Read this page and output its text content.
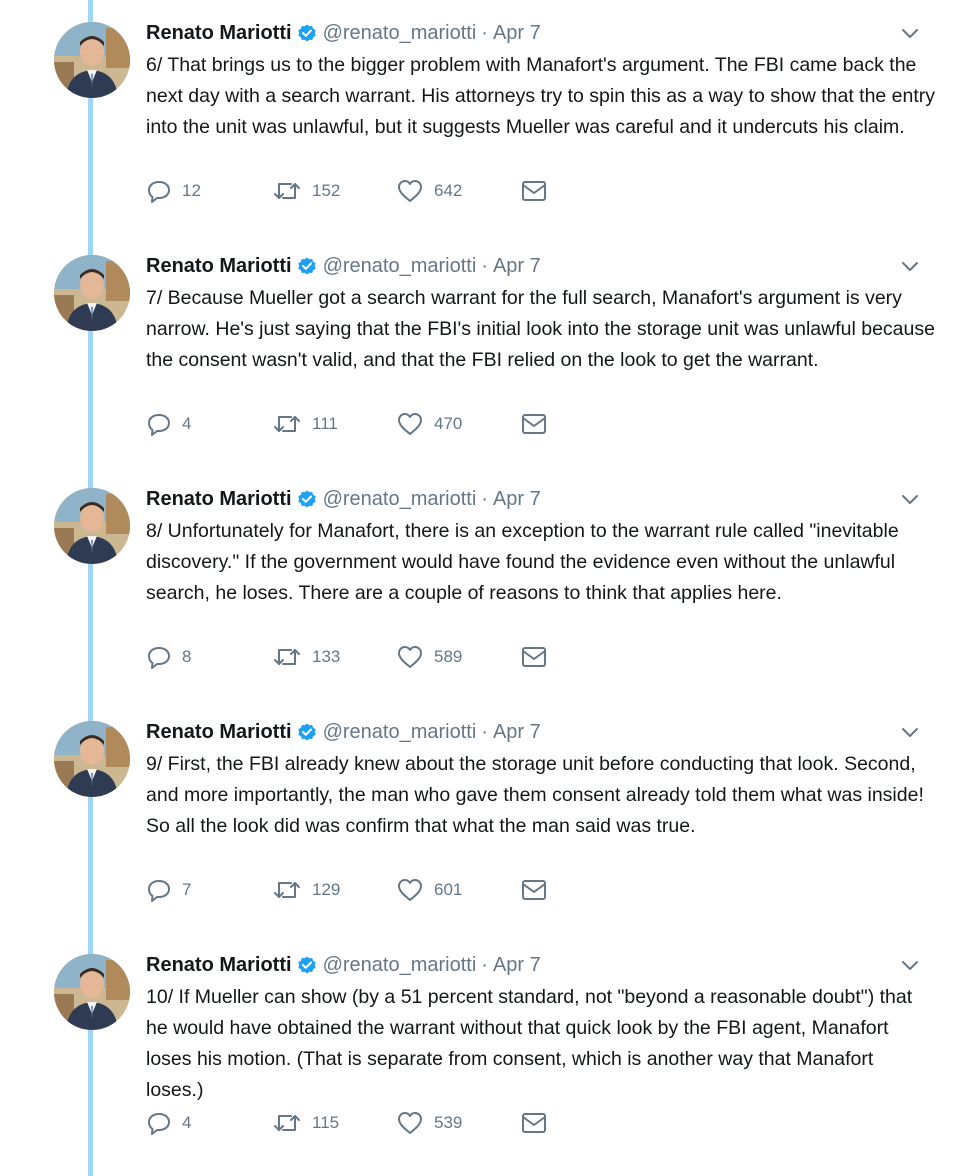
Renato Mariotti @renato_mariotti · Apr 7
6/ That brings us to the bigger problem with Manafort's argument. The FBI came back the next day with a search warrant. His attorneys try to spin this as a way to show that the entry into the unit was unlawful, but it suggests Mueller was careful and it undercuts his claim.
12	152	642
Renato Mariotti @renato_mariotti · Apr 7
7/ Because Mueller got a search warrant for the full search, Manafort's argument is very narrow. He's just saying that the FBI's initial look into the storage unit was unlawful because the consent wasn't valid, and that the FBI relied on the look to get the warrant.
4	111	470
Renato Mariotti @renato_mariotti · Apr 7
8/ Unfortunately for Manafort, there is an exception to the warrant rule called "inevitable discovery." If the government would have found the evidence even without the unlawful search, he loses. There are a couple of reasons to think that applies here.
8	133	589
Renato Mariotti @renato_mariotti · Apr 7
9/ First, the FBI already knew about the storage unit before conducting that look. Second, and more importantly, the man who gave them consent already told them what was inside! So all the look did was confirm that what the man said was true.
7	129	601
Renato Mariotti @renato_mariotti · Apr 7
10/ If Mueller can show (by a 51 percent standard, not "beyond a reasonable doubt") that he would have obtained the warrant without that quick look by the FBI agent, Manafort loses his motion. (That is separate from consent, which is another way that Manafort loses.)
4	115	539
